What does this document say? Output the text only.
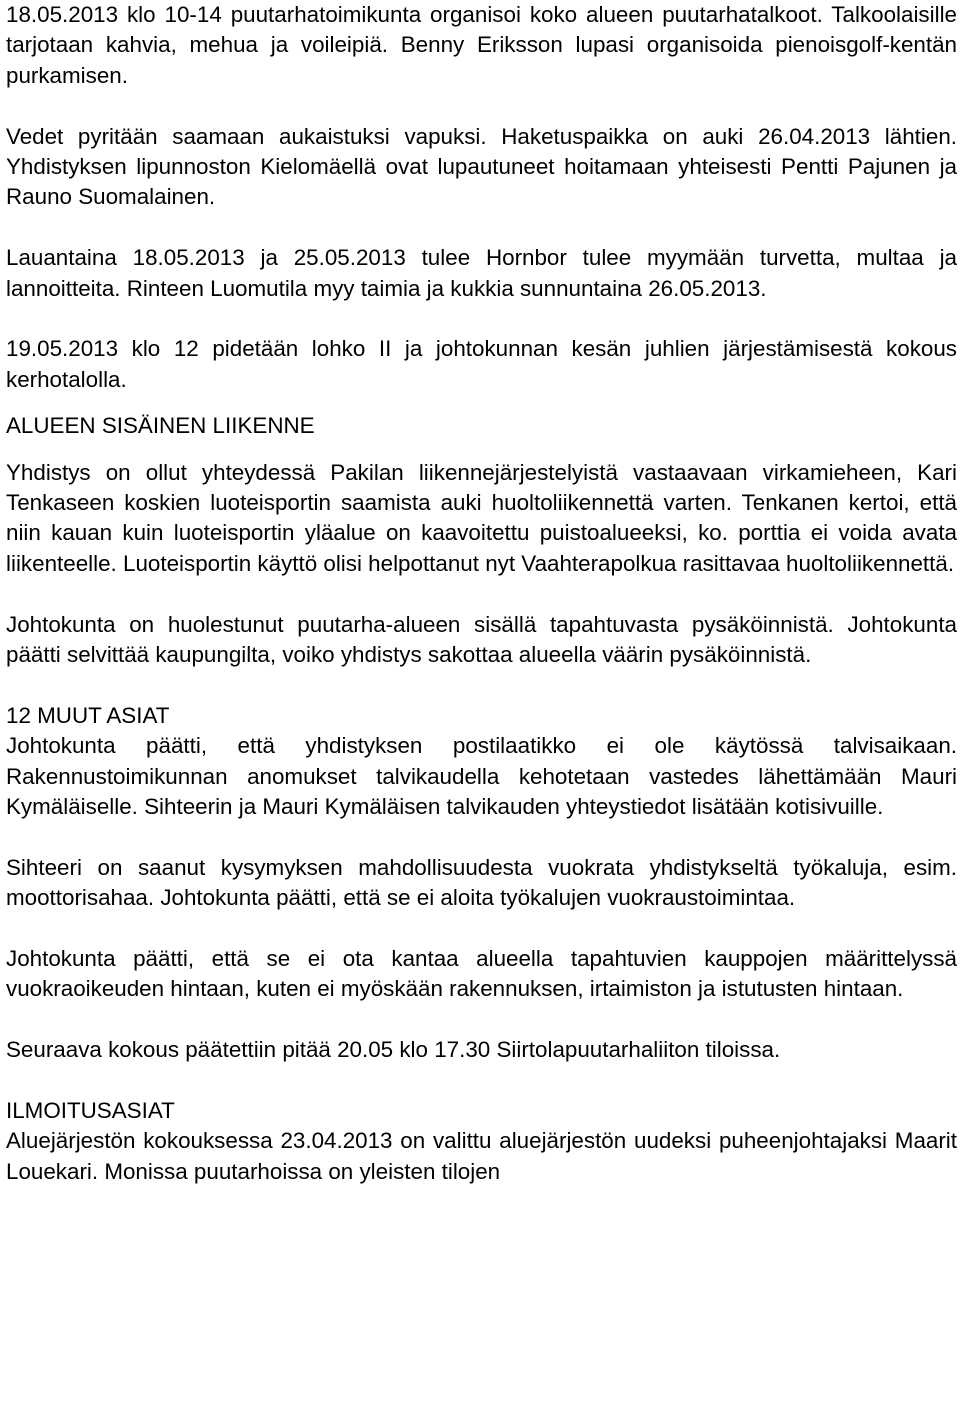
18.05.2013 klo 10-14 puutarhatoimikunta organisoi koko alueen puutarhatalkoot. Talkoolaisille tarjotaan kahvia, mehua ja voileipiä. Benny Eriksson lupasi organisoida pienoisgolf-kentän purkamisen.

Vedet pyritään saamaan aukaistuksi vapuksi. Haketuspaikka on auki 26.04.2013 lähtien. Yhdistyksen lipunnoston Kielomäellä ovat lupautuneet hoitamaan yhteisesti Pentti Pajunen ja Rauno Suomalainen.

Lauantaina 18.05.2013 ja 25.05.2013 tulee Hornbor tulee myymään turvetta, multaa ja lannoitteita. Rinteen Luomutila myy taimia ja kukkia sunnuntaina 26.05.2013.

19.05.2013 klo 12 pidetään lohko II ja johtokunnan kesän juhlien järjestämisestä kokous kerhotalolla.

ALUEEN SISÄINEN LIIKENNE

Yhdistys on ollut yhteydessä Pakilan liikennejärjestelyistä vastaavaan virkamieheen, Kari Tenkaseen koskien luoteisportin saamista auki huoltoliikennettä varten. Tenkanen kertoi, että niin kauan kuin luoteisportin yläalue on kaavoitettu puistoalueeksi, ko. porttia ei voida avata liikenteelle. Luoteisportin käyttö olisi helpottanut nyt Vaahterapolkua rasittavaa huoltoliikennettä.

Johtokunta on huolestunut puutarha-alueen sisällä tapahtuvasta pysäköinnistä. Johtokunta päätti selvittää kaupungilta, voiko yhdistys sakottaa alueella väärin pysäköinnistä.

12 MUUT ASIAT

Johtokunta päätti, että yhdistyksen postilaatikko ei ole käytössä talvisaikaan. Rakennustoimikunnan anomukset talvikaudella kehotetaan vastedes lähettämään Mauri Kymäläiselle. Sihteerin ja Mauri Kymäläisen talvikauden yhteystiedot lisätään kotisivuille.

Sihteeri on saanut kysymyksen mahdollisuudesta vuokrata yhdistykseltä työkaluja, esim. moottorisahaa. Johtokunta päätti, että se ei aloita työkalujen vuokraustoimintaa.

Johtokunta päätti, että se ei ota kantaa alueella tapahtuvien kauppojen määrittelyssä vuokraoikeuden hintaan, kuten ei myöskään rakennuksen, irtaimiston ja istutusten hintaan.

Seuraava kokous päätettiin pitää 20.05 klo 17.30 Siirtolapuutarhaliiton tiloissa.

ILMOITUSASIAT

Aluejärjestön kokouksessa 23.04.2013 on valittu aluejärjestön uudeksi puheenjohtajaksi Maarit Louekari. Monissa puutarhoissa on yleisten tilojen
